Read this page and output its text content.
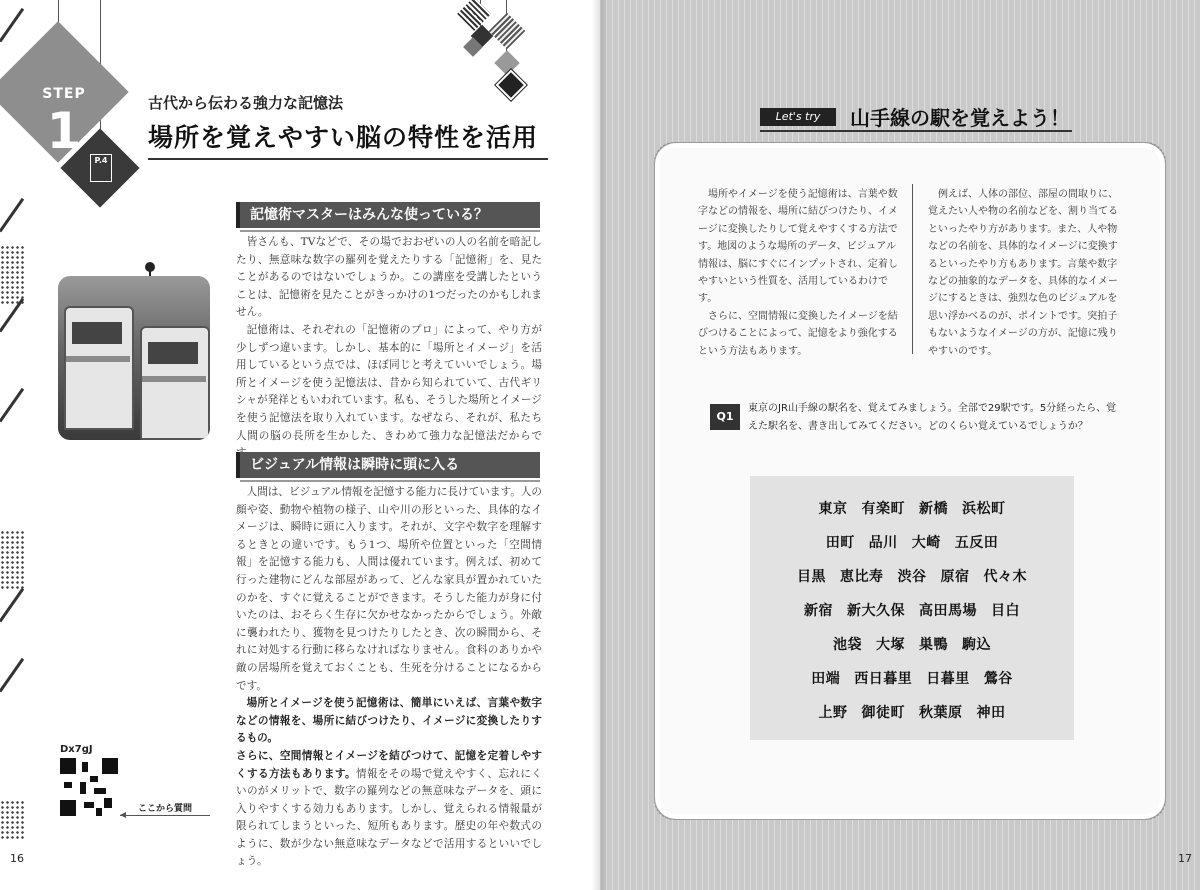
STEP
1
P.4
古代から伝わる強力な記憶法
場所を覚えやすい脳の特性を活用
記憶術マスターはみんな使っている？

皆さんも、TVなどで、その場でおおぜいの人の名前を暗記したり、無意味な数字の羅列を覚えたりする「記憶術」を、見たことがあるのではないでしょうか。この講座を受講したということは、記憶術を見たことがきっかけの1つだったのかもしれません。

記憶術は、それぞれの「記憶術のプロ」によって、やり方が少しずつ違います。しかし、基本的に「場所とイメージ」を活用しているという点では、ほぼ同じと考えていいでしょう。場所とイメージを使う記憶法は、昔から知られていて、古代ギリシャが発祥ともいわれています。私も、そうした場所とイメージを使う記憶法を取り入れています。なぜなら、それが、私たち人間の脳の長所を生かした、きわめて強力な記憶法だからで

ビジュアル情報は瞬時に頭に入る

人間は、ビジュアル情報を記憶する能力に長けています。人の顔や姿、動物や植物の様子、山や川の形といった、具体的なイメージは、瞬時に頭に入ります。それが、文字や数字を理解するときとの違いです。もう1つ、場所や位置といった「空間情報」を記憶する能力も、人間は優れています。例えば、初めて行った建物にどんな部屋があって、どんな家具が置かれていたのかを、すぐに覚えることができます。そうした能力が身に付いたのは、おそらく生存に欠かせなかったからでしょう。外敵に襲われたり、獲物を見つけたりしたとき、次の瞬間から、それに対処する行動に移らなければなりません。食料のありかや敵の居場所を覚えておくことも、生死を分けることになるからです。

場所とイメージを使う記憶術は、簡単にいえば、言葉や数字などの情報を、場所に結びつけたり、イメージに変換したりするもの。

さらに、空間情報とイメージを結びつけて、記憶を定着しやすくする方法もあります。情報をその場で覚えやすく、忘れにくいのがメリットで、数字の羅列などの無意味なデータを、頭に入りやすくする効力もあります。しかし、覚えられる情報量が限られてしまうといった、短所もあります。歴史の年や数式のように、数が少ない無意味なデータなどで活用するといいでしょう。

Dx7gJ
ここから質問
16
Let's try	山手線の駅を覚えよう！

場所やイメージを使う記憶術は、言葉や数字などの情報を、場所に結びつけたり、イメージに変換したりして覚えやすくする方法です。地図のような場所のデータ、ビジュアル情報は、脳にすぐにインプットされ、定着しやすいという性質を、活用しているわけです。

さらに、空間情報に変換したイメージを結びつけることによって、記憶をより強化するという方法もあります。

例えば、人体の部位、部屋の間取りに、覚えたい人や物の名前などを、割り当てるといったやり方があります。また、人や物などの名前を、具体的なイメージに変換するといったやり方もあります。言葉や数字などの抽象的なデータを、具体的なイメージにするときは、強烈な色のビジュアルを思い浮かべるのが、ポイントです。突拍子もないようなイメージの方が、記憶に残りやすいのです。

Q1
東京のJR山手線の駅名を、覚えてみましょう。全部で29駅です。5分経ったら、覚えた駅名を、書き出してみてください。どのくらい覚えているでしょうか？
東京 有楽町 新橋 浜松町
田町 品川 大崎 五反田
目黒 恵比寿 渋谷 原宿 代々木
新宿 新大久保 高田馬場 目白
池袋 大塚 巣鴨 駒込
田端 西日暮里 日暮里 鶯谷
上野 御徒町 秋葉原 神田
17
